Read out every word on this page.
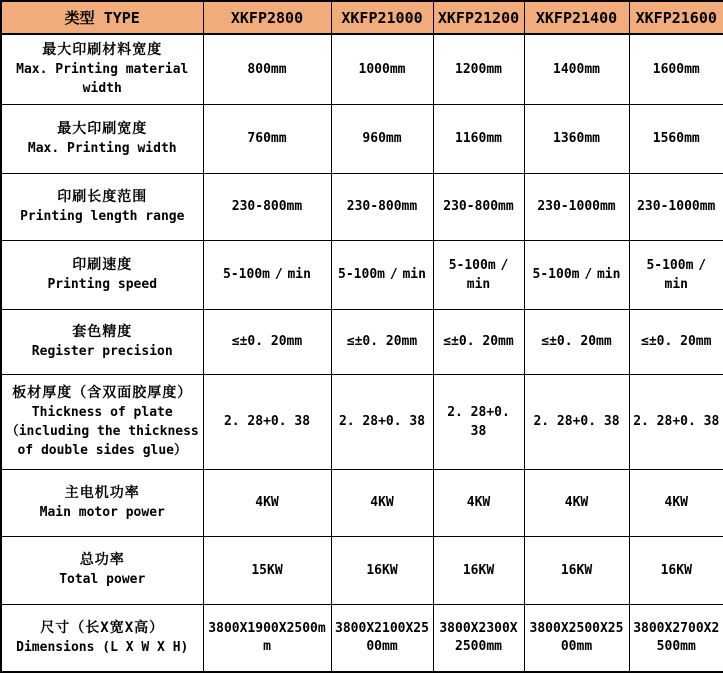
类型 TYPE	XKFP2800	XKFP21000	XKFP21200	XKFP21400	XKFP21600

最大印刷材料宽度
Max. Printing material width	800mm	1000mm	1200mm	1400mm	1600mm

最大印刷宽度
Max. Printing width	760mm	960mm	1160mm	1360mm	1560mm

印刷长度范围
Printing length range	230-800mm	230-800mm	230-800mm	230-1000mm	230-1000mm

印刷速度
Printing speed	5-100m / min	5-100m / min	5-100m / min	5-100m / min	5-100m / min

套色精度
Register precision	≤±0. 20mm	≤±0. 20mm	≤±0. 20mm	≤±0. 20mm	≤±0. 20mm

板材厚度（含双面胶厚度）
Thickness of plate （including the thickness of double sides glue）	2. 28+0. 38	2. 28+0. 38	2. 28+0. 38	2. 28+0. 38	2. 28+0. 38

主电机功率
Main motor power	4KW	4KW	4KW	4KW	4KW

总功率
Total power	15KW	16KW	16KW	16KW	16KW

尺寸（长X宽X高）
Dimensions (L X W X H)	3800X1900X2500mm	3800X2100X2500mm	3800X2300X2500mm	3800X2500X2500mm	3800X2700X2500mm
